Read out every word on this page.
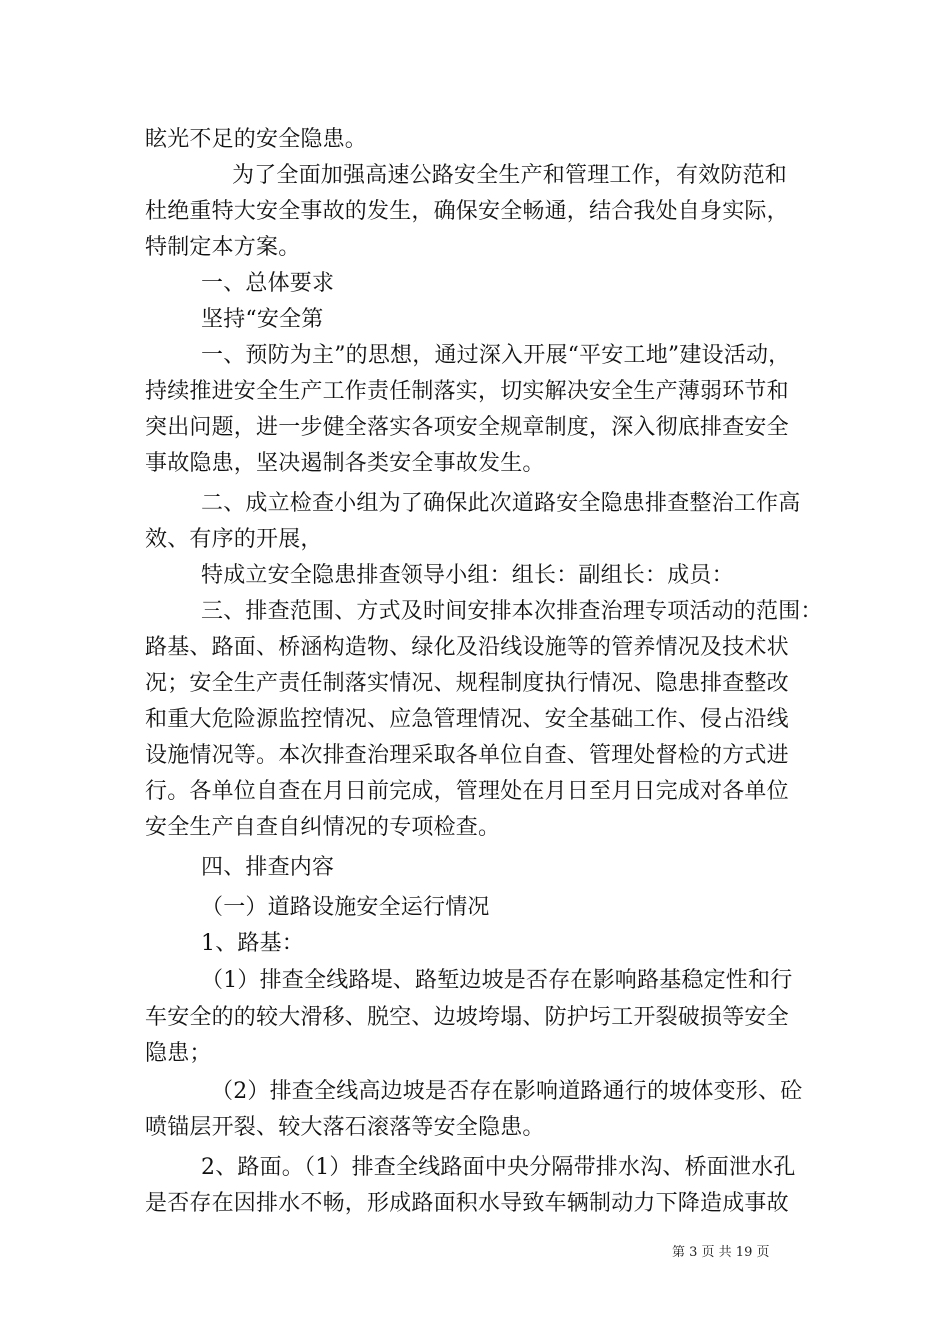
眩光不足的安全隐患。
为了全面加强高速公路安全生产和管理工作，有效防范和
杜绝重特大安全事故的发生，确保安全畅通，结合我处自身实际，
特制定本方案。
一、总体要求
坚持“安全第
一、预防为主”的思想，通过深入开展“平安工地”建设活动，
持续推进安全生产工作责任制落实，切实解决安全生产薄弱环节和
突出问题，进一步健全落实各项安全规章制度，深入彻底排查安全
事故隐患，坚决遏制各类安全事故发生。
二、成立检查小组为了确保此次道路安全隐患排查整治工作高
效、有序的开展，
特成立安全隐患排查领导小组：组长：副组长：成员：
三、排查范围、方式及时间安排本次排查治理专项活动的范围：
路基、路面、桥涵构造物、绿化及沿线设施等的管养情况及技术状
况；安全生产责任制落实情况、规程制度执行情况、隐患排查整改
和重大危险源监控情况、应急管理情况、安全基础工作、侵占沿线
设施情况等。本次排查治理采取各单位自查、管理处督检的方式进
行。各单位自查在月日前完成，管理处在月日至月日完成对各单位
安全生产自查自纠情况的专项检查。
四、排查内容
（一）道路设施安全运行情况
1、路基：
（1）排查全线路堤、路堑边坡是否存在影响路基稳定性和行
车安全的的较大滑移、脱空、边坡垮塌、防护圬工开裂破损等安全
隐患；
（2）排查全线高边坡是否存在影响道路通行的坡体变形、砼
喷锚层开裂、较大落石滚落等安全隐患。
2、路面。（1）排查全线路面中央分隔带排水沟、桥面泄水孔
是否存在因排水不畅，形成路面积水导致车辆制动力下降造成事故
第 3 页 共 19 页
